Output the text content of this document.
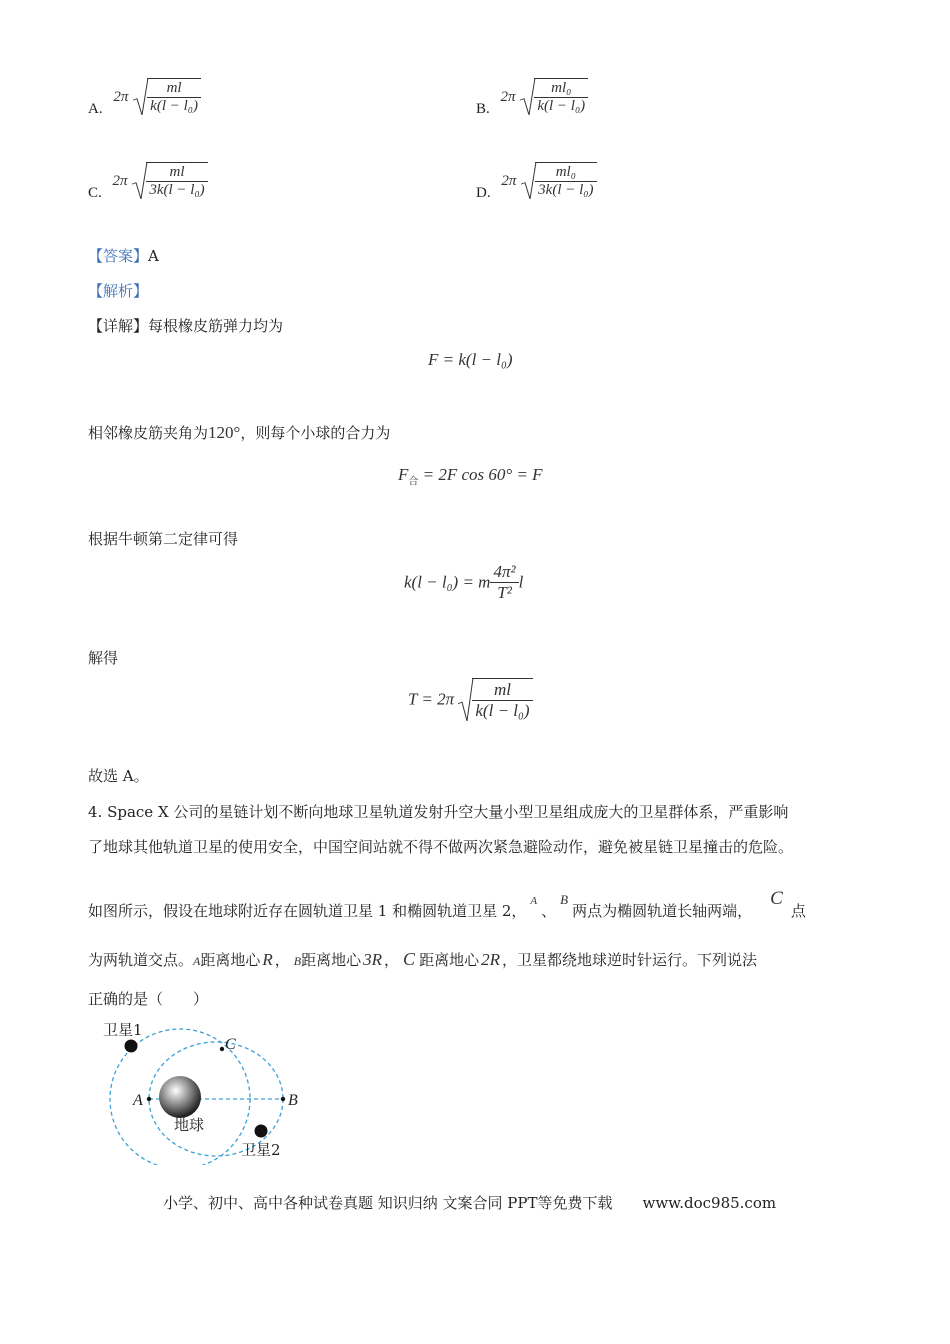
A. $2\pi \frac{ml}{\text{k(l − l₀)}}$	B. $2\pi \frac{\text{ml₀}}{\text{k(l − l₀)}}$
C. $2\pi \frac{ml}{\text{3k(l − l₀)}}$	D. $2\pi \frac{\text{ml₀}}{\text{3k(l − l₀)}}$
【答案】A
【解析】
【详解】每根橡皮筋弹力均为
F = k(l − l₀)
相邻橡皮筋夹角为120°，则每个小球的合力为
$F_合 = 2F$ cos 60° = F
根据牛顿第二定律可得
k(l − l₀) = m $\frac{\text{4π²}}{\text{T²}}$ l
解得
$T = 2\pi \frac{ml}{\text{k(l − l₀)}}$
故选 A。
4. Space X 公司的星链计划不断向地球卫星轨道发射升空大量小型卫星组成庞大的卫星群体系，严重影响
了地球其他轨道卫星的使用安全，中国空间站就不得不做两次紧急避险动作，避免被星链卫星撞击的危险。
如图所示，假设在地球附近存在圆轨道卫星 1 和椭圆轨道卫星 2，$^A$、B两点为椭圆轨道长轴两端，C点
为两轨道交点。A距离地心 R ， B距离地心 3R ， C 距离地心 2R ，卫星都绕地球逆时针运行。下列说法
正确的是（　　）
卫星1
C
A	B
地球
卫星2
小学、初中、高中各种试卷真题 知识归纳 文案合同 PPT等免费下载　　www.doc985.com
